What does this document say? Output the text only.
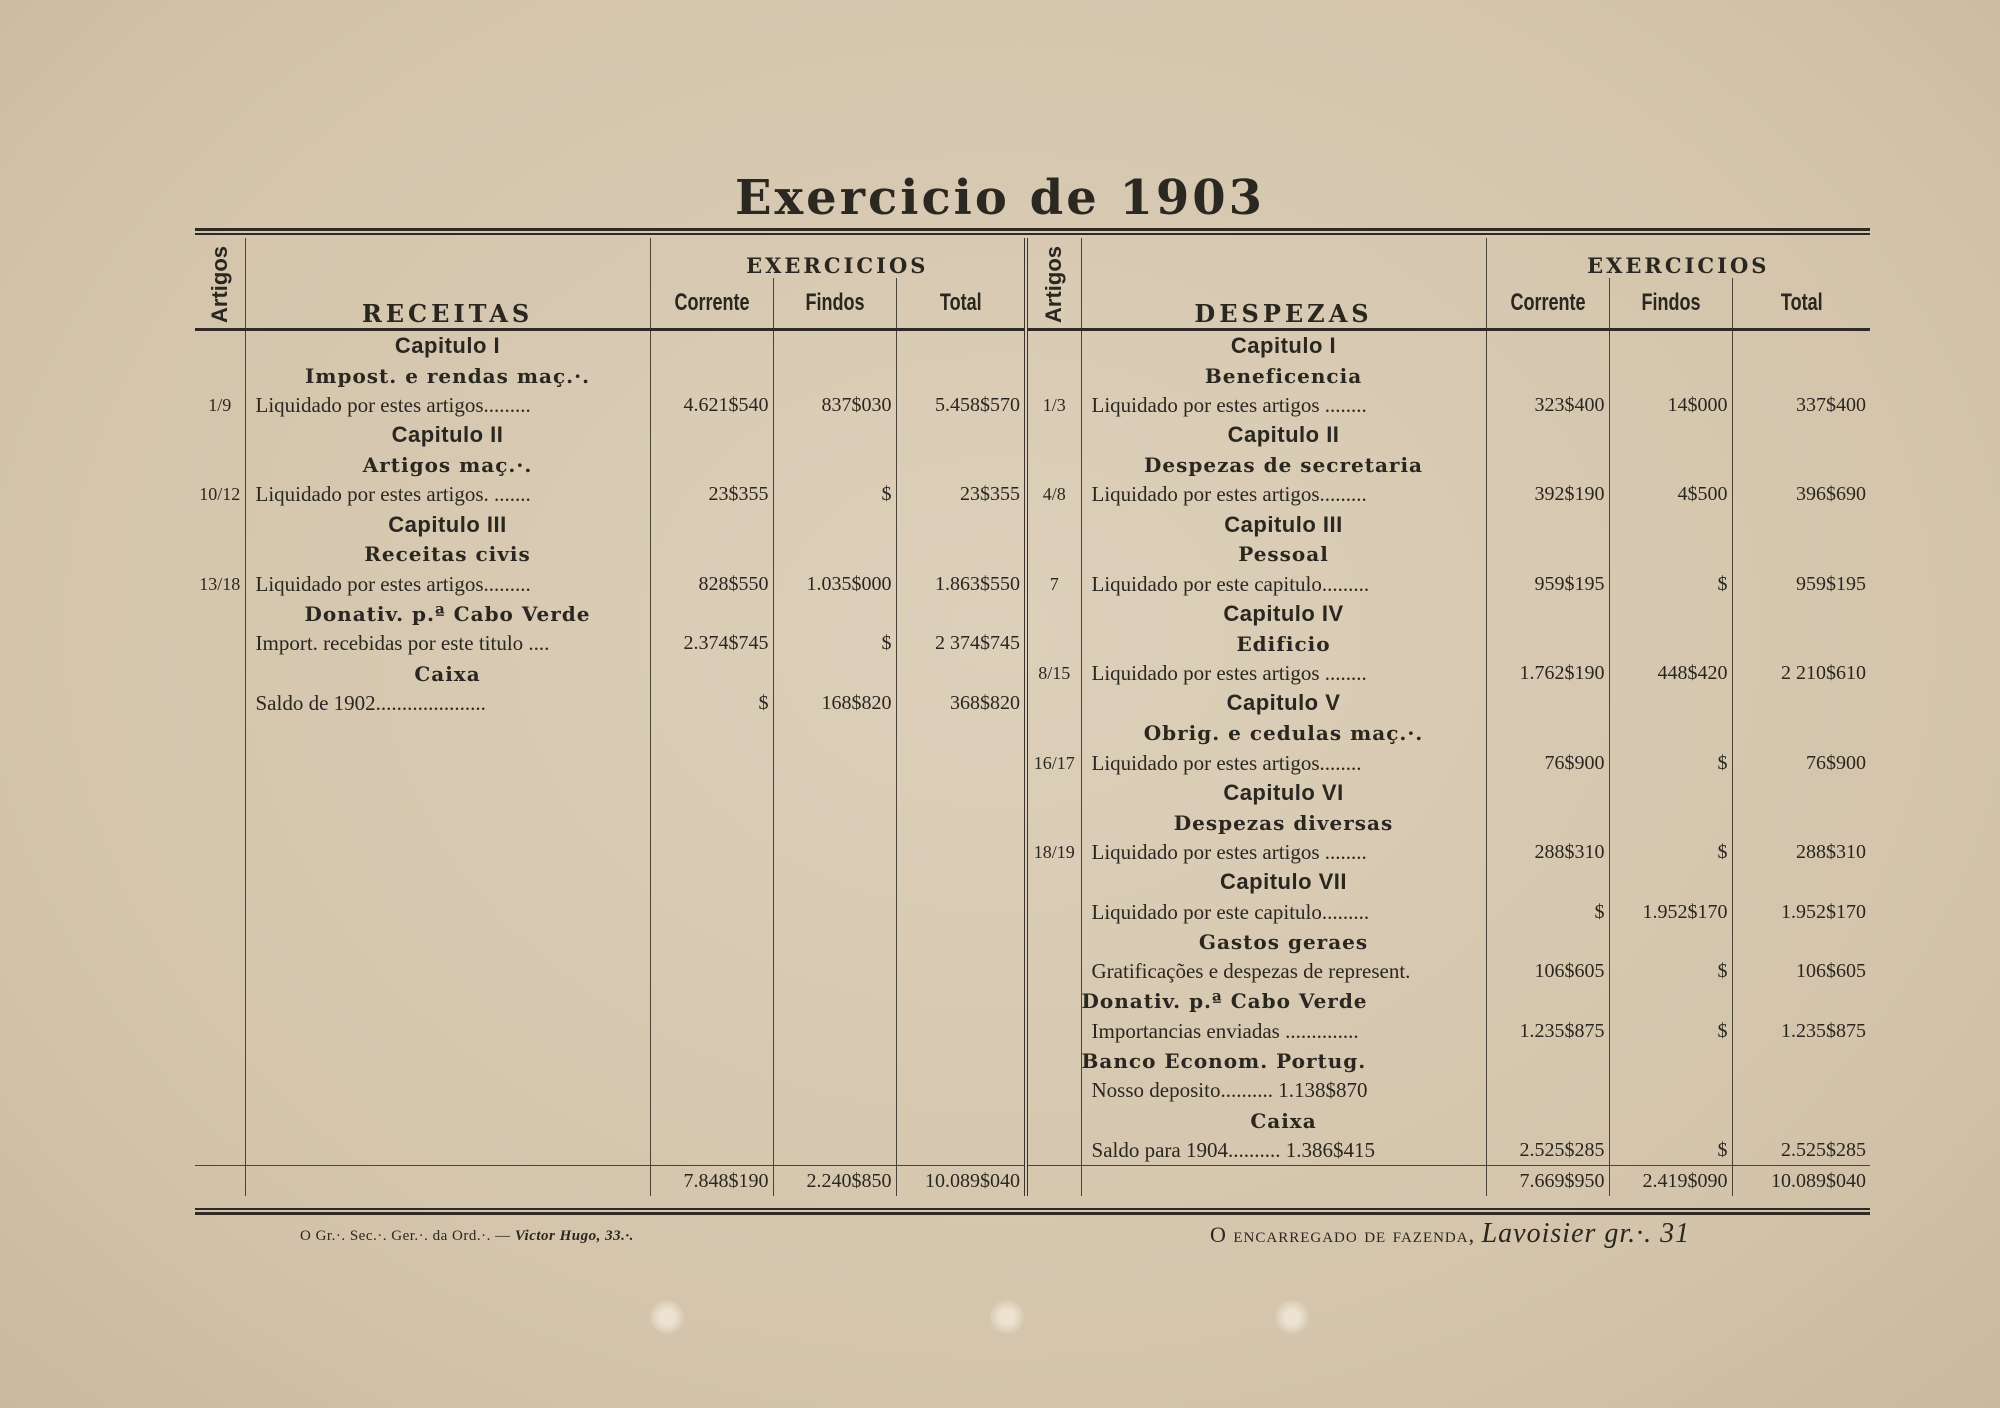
Exercicio de 1903
Artigos	RECEITAS	EXERCICIOS			Artigos	DESPEZAS	EXERCICIOS		

		Corrente	Findos	Total			Corrente	Findos	Total

	Capitulo I					Capitulo I			
	Impost. e rendas maç.·.					Beneficencia			
1/9	Liquidado por estes artigos.........	4.621$540	837$030	5.458$570	1/3	Liquidado por estes artigos ........	323$400	14$000	337$400
	Capitulo II					Capitulo II			
	Artigos maç.·.					Despezas de secretaria			
10/12	Liquidado por estes artigos. .......	23$355	$	23$355	4/8	Liquidado por estes artigos.........	392$190	4$500	396$690
	Capitulo III					Capitulo III			
	Receitas civis					Pessoal			
13/18	Liquidado por estes artigos.........	828$550	1.035$000	1.863$550	7	Liquidado por este capitulo.........	959$195	$	959$195
	Donativ. p.ª Cabo Verde					Capitulo IV			
	Import. recebidas por este titulo ....	2.374$745	$	2 374$745		Edificio			
	Caixa				8/15	Liquidado por estes artigos ........	1.762$190	448$420	2 210$610
	Saldo de 1902.....................	$	168$820	368$820		Capitulo V			
						Obrig. e cedulas maç.·.			
					16/17	Liquidado por estes artigos........	76$900	$	76$900
						Capitulo VI			
						Despezas diversas			
					18/19	Liquidado por estes artigos ........	288$310	$	288$310
						Capitulo VII			
						Liquidado por este capitulo.........	$	1.952$170	1.952$170
						Gastos geraes			
						Gratificações e despezas de represent.	106$605	$	106$605
						Donativ. p.ª Cabo Verde			
						Importancias enviadas ..............	1.235$875	$	1.235$875
						Banco Econom. Portug.			
						Nosso deposito.......... 1.138$870			
						Caixa			
						Saldo para 1904.......... 1.386$415	2.525$285	$	2.525$285
		7.848$190	2.240$850	10.089$040			7.669$950	2.419$090	10.089$040
O Gr.·. Sec.·. Ger.·. da Ord.·. — Victor Hugo, 33.·.	O encarregado de fazenda, Lavoisier gr.·. 31
